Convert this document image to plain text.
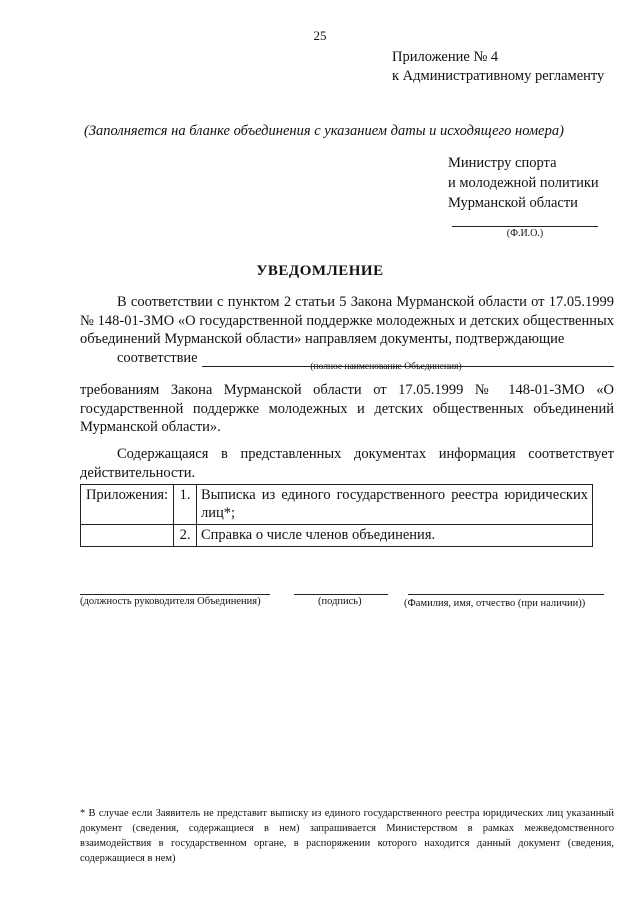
25
Приложение № 4
к Административному регламенту
(Заполняется на бланке объединения с указанием даты и исходящего номера)
Министру спорта
и молодежной политики
Мурманской области
(Ф.И.О.)
УВЕДОМЛЕНИЕ
В соответствии с пунктом 2 статьи 5 Закона Мурманской области от 17.05.1999 № 148-01-ЗМО «О государственной поддержке молодежных и детских общественных объединений Мурманской области» направляем документы, подтверждающие
соответствие
(полное наименование Объединения)
требованиям Закона Мурманской области от 17.05.1999 № 148-01-ЗМО «О государственной поддержке молодежных и детских общественных объединений Мурманской области».
Содержащаяся в представленных документах информация соответствует действительности.
Приложения:	1.	Выписка из единого государственного реестра юридических лиц*;
	2.	Справка о числе членов объединения.
(должность руководителя Объединения)	(подпись)	(Фамилия, имя, отчество (при наличии))
* В случае если Заявитель не представит выписку из единого государственного реестра юридических лиц указанный документ (сведения, содержащиеся в нем) запрашивается Министерством в рамках межведомственного взаимодействия в государственном органе, в распоряжении которого находится данный документ (сведения, содержащиеся в нем)
